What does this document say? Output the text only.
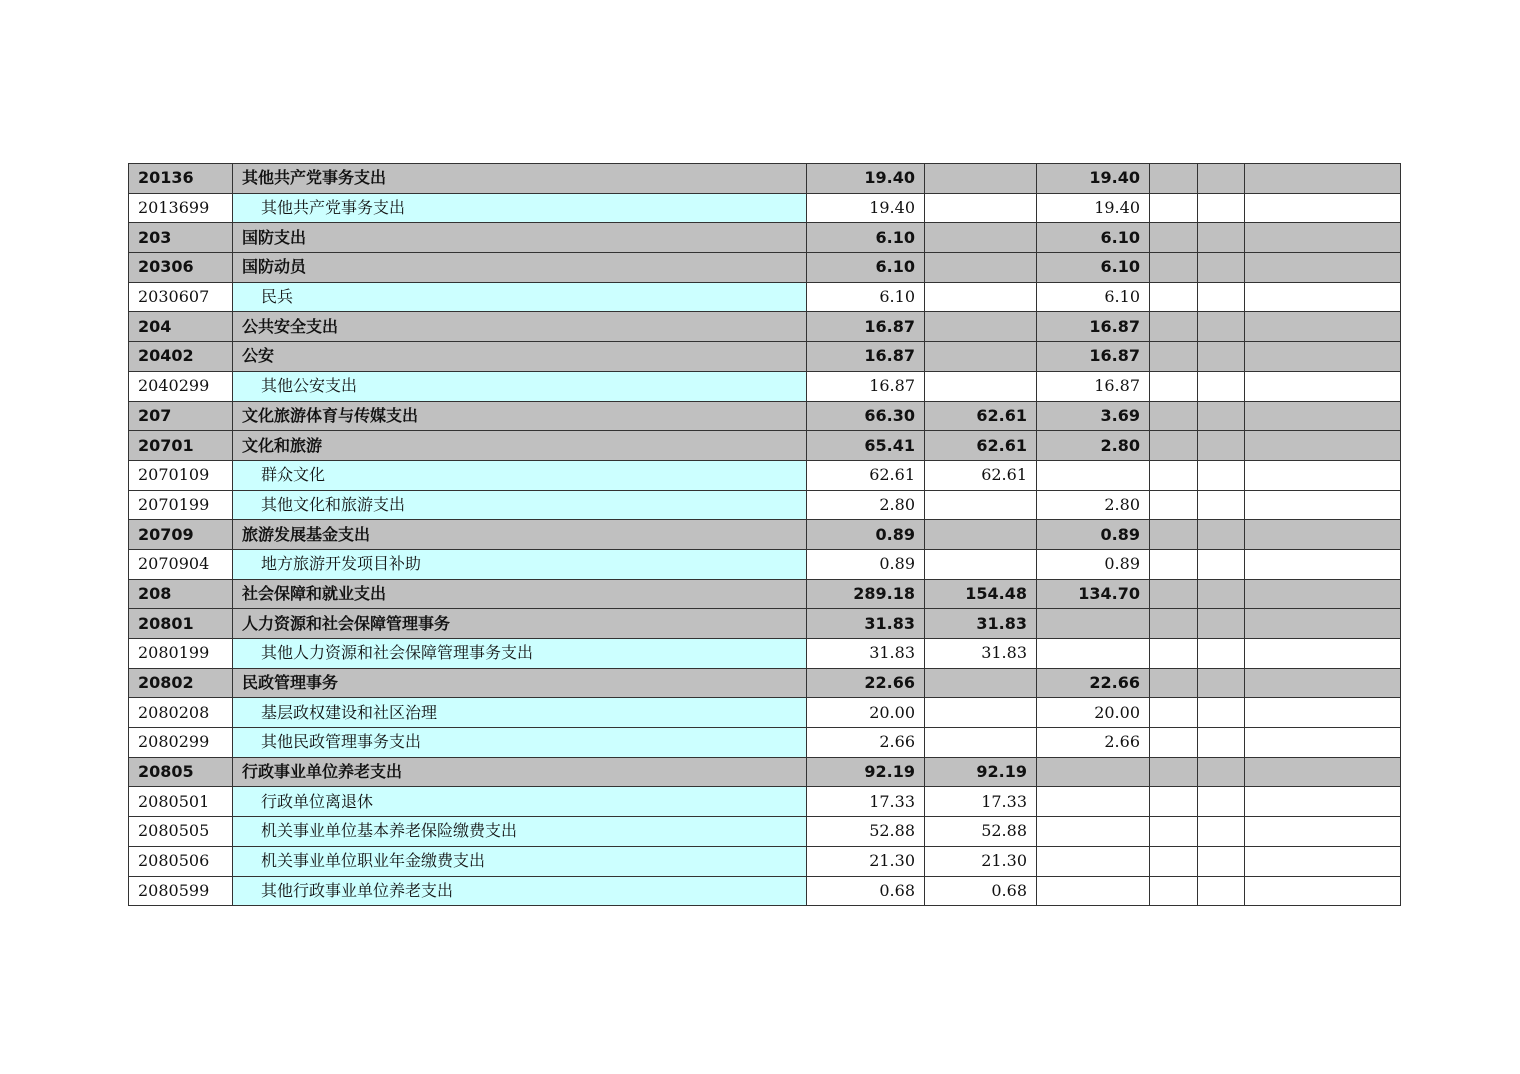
20136	其他共产党事务支出	19.40		19.40			
2013699	其他共产党事务支出	19.40		19.40			
203	国防支出	6.10		6.10			
20306	国防动员	6.10		6.10			
2030607	民兵	6.10		6.10			
204	公共安全支出	16.87		16.87			
20402	公安	16.87		16.87			
2040299	其他公安支出	16.87		16.87			
207	文化旅游体育与传媒支出	66.30	62.61	3.69			
20701	文化和旅游	65.41	62.61	2.80			
2070109	群众文化	62.61	62.61				
2070199	其他文化和旅游支出	2.80		2.80			
20709	旅游发展基金支出	0.89		0.89			
2070904	地方旅游开发项目补助	0.89		0.89			
208	社会保障和就业支出	289.18	154.48	134.70			
20801	人力资源和社会保障管理事务	31.83	31.83				
2080199	其他人力资源和社会保障管理事务支出	31.83	31.83				
20802	民政管理事务	22.66		22.66			
2080208	基层政权建设和社区治理	20.00		20.00			
2080299	其他民政管理事务支出	2.66		2.66			
20805	行政事业单位养老支出	92.19	92.19				
2080501	行政单位离退休	17.33	17.33				
2080505	机关事业单位基本养老保险缴费支出	52.88	52.88				
2080506	机关事业单位职业年金缴费支出	21.30	21.30				
2080599	其他行政事业单位养老支出	0.68	0.68				
